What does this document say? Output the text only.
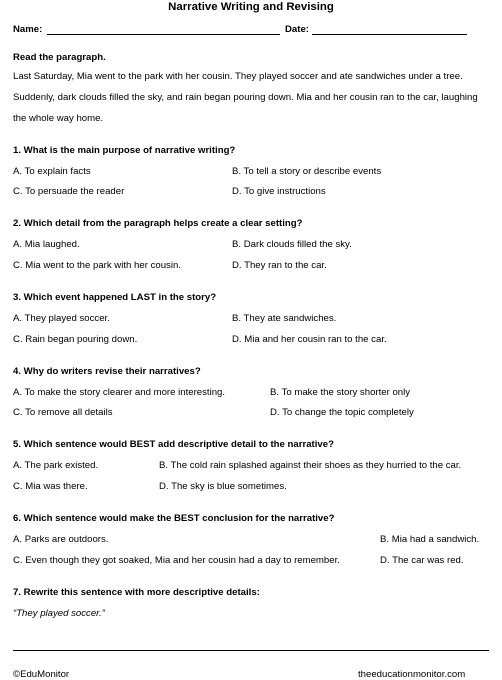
Narrative Writing and Revising
Name:	Date:
Read the paragraph.
Last Saturday, Mia went to the park with her cousin. They played soccer and ate sandwiches under a tree. Suddenly, dark clouds filled the sky, and rain began pouring down. Mia and her cousin ran to the car, laughing the whole way home.
1. What is the main purpose of narrative writing?
A. To explain facts	B. To tell a story or describe events
C. To persuade the reader	D. To give instructions
2. Which detail from the paragraph helps create a clear setting?
A. Mia laughed.	B. Dark clouds filled the sky.
C. Mia went to the park with her cousin.	D. They ran to the car.
3. Which event happened LAST in the story?
A. They played soccer.	B. They ate sandwiches.
C. Rain began pouring down.	D. Mia and her cousin ran to the car.
4. Why do writers revise their narratives?
A. To make the story clearer and more interesting.	B. To make the story shorter only
C. To remove all details	D. To change the topic completely
5. Which sentence would BEST add descriptive detail to the narrative?
A. The park existed.	B. The cold rain splashed against their shoes as they hurried to the car.
C. Mia was there.	D. The sky is blue sometimes.
6. Which sentence would make the BEST conclusion for the narrative?
A. Parks are outdoors.	B. Mia had a sandwich.
C. Even though they got soaked, Mia and her cousin had a day to remember.	D. The car was red.
7. Rewrite this sentence with more descriptive details:
“They played soccer.”
©EduMonitor	theeducationmonitor.com
